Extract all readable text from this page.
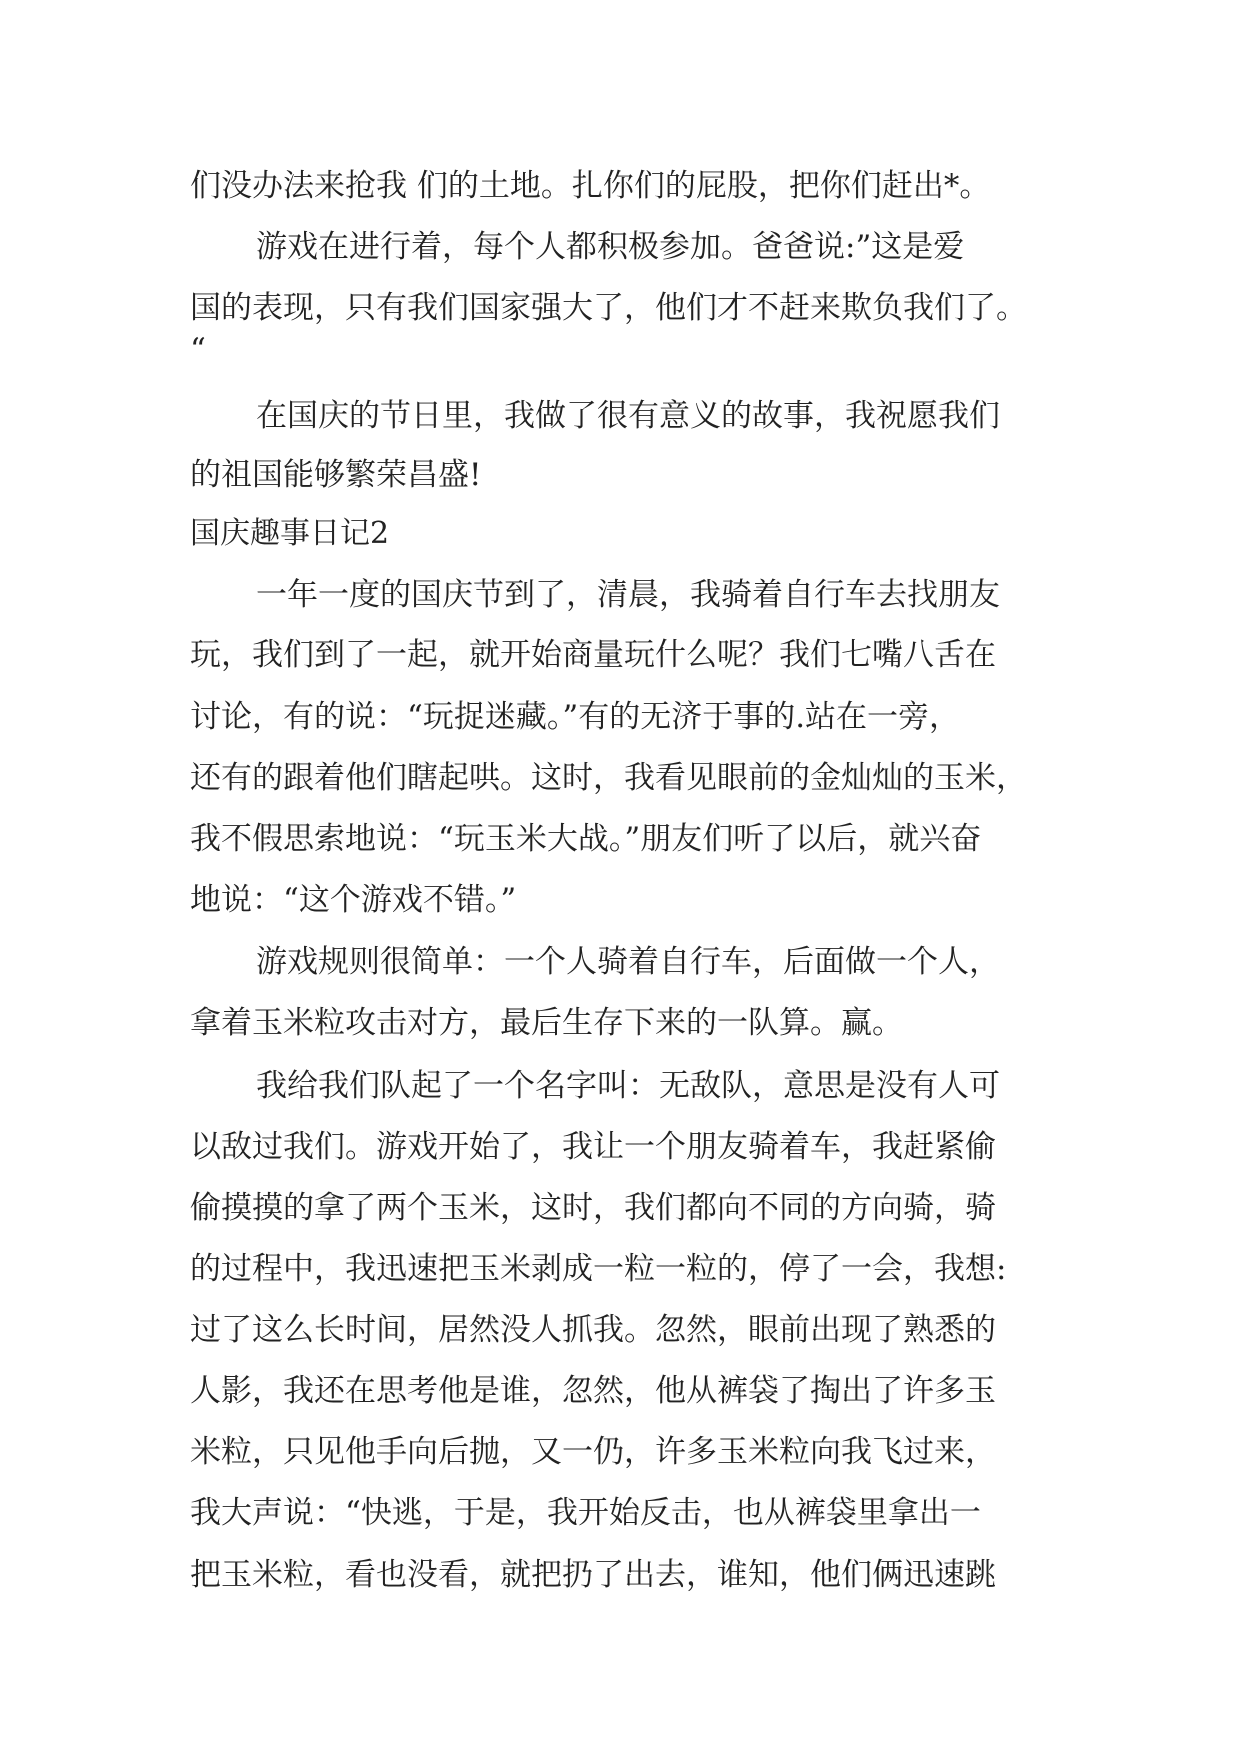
们没办法来抢我 们的土地。扎你们的屁股，把你们赶出*。
游戏在进行着，每个人都积极参加。爸爸说:”这是爱
国的表现，只有我们国家强大了，他们才不赶来欺负我们了。
“
在国庆的节日里，我做了很有意义的故事，我祝愿我们
的祖国能够繁荣昌盛!
国庆趣事日记2
一年一度的国庆节到了，清晨，我骑着自行车去找朋友
玩，我们到了一起，就开始商量玩什么呢？我们七嘴八舌在
讨论，有的说：“玩捉迷藏。”有的无济于事的.站在一旁，
还有的跟着他们瞎起哄。这时，我看见眼前的金灿灿的玉米，
我不假思索地说：“玩玉米大战。”朋友们听了以后，就兴奋
地说：“这个游戏不错。”
游戏规则很简单：一个人骑着自行车，后面做一个人，
拿着玉米粒攻击对方，最后生存下来的一队算。赢。
我给我们队起了一个名字叫：无敌队，意思是没有人可
以敌过我们。游戏开始了，我让一个朋友骑着车，我赶紧偷
偷摸摸的拿了两个玉米，这时，我们都向不同的方向骑，骑
的过程中，我迅速把玉米剥成一粒一粒的，停了一会，我想:
过了这么长时间，居然没人抓我。忽然，眼前出现了熟悉的
人影，我还在思考他是谁，忽然，他从裤袋了掏出了许多玉
米粒，只见他手向后抛，又一仍，许多玉米粒向我飞过来，
我大声说：“快逃，于是，我开始反击，也从裤袋里拿出一
把玉米粒，看也没看，就把扔了出去，谁知，他们俩迅速跳
